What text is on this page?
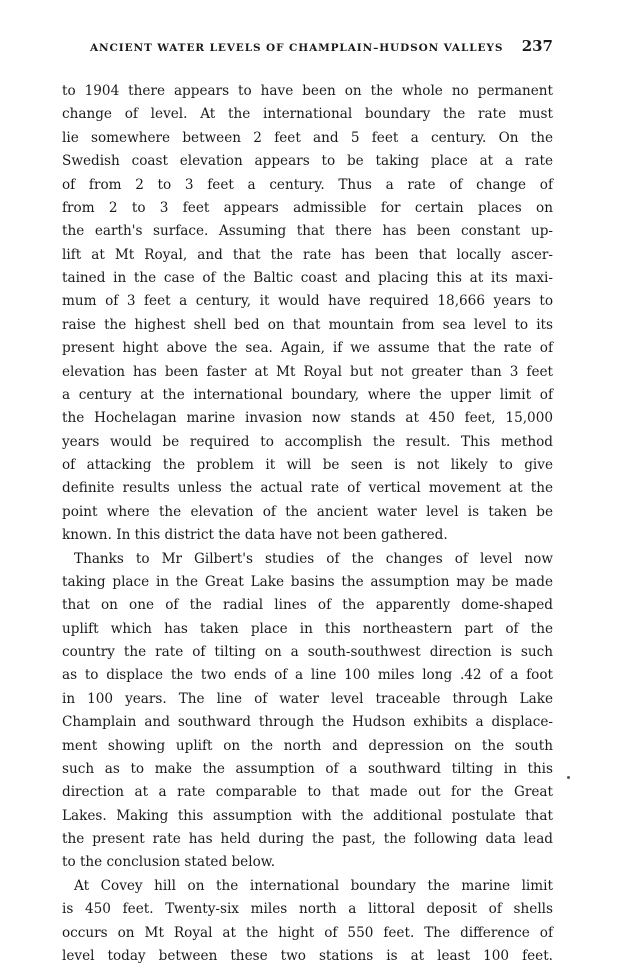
ANCIENT WATER LEVELS OF CHAMPLAIN–HUDSON VALLEYS 237
to 1904 there appears to have been on the whole no permanent
change of level. At the international boundary the rate must
lie somewhere between 2 feet and 5 feet a century. On the
Swedish coast elevation appears to be taking place at a rate
of from 2 to 3 feet a century. Thus a rate of change of
from 2 to 3 feet appears admissible for certain places on
the earth's surface. Assuming that there has been constant up-
lift at Mt Royal, and that the rate has been that locally ascer-
tained in the case of the Baltic coast and placing this at its maxi-
mum of 3 feet a century, it would have required 18,666 years to
raise the highest shell bed on that mountain from sea level to its
present hight above the sea. Again, if we assume that the rate of
elevation has been faster at Mt Royal but not greater than 3 feet
a century at the international boundary, where the upper limit of
the Hochelagan marine invasion now stands at 450 feet, 15,000
years would be required to accomplish the result. This method
of attacking the problem it will be seen is not likely to give
definite results unless the actual rate of vertical movement at the
point where the elevation of the ancient water level is taken be
known. In this district the data have not been gathered.
Thanks to Mr Gilbert's studies of the changes of level now
taking place in the Great Lake basins the assumption may be made
that on one of the radial lines of the apparently dome-shaped
uplift which has taken place in this northeastern part of the
country the rate of tilting on a south-southwest direction is such
as to displace the two ends of a line 100 miles long .42 of a foot
in 100 years. The line of water level traceable through Lake
Champlain and southward through the Hudson exhibits a displace-
ment showing uplift on the north and depression on the south
such as to make the assumption of a southward tilting in this
direction at a rate comparable to that made out for the Great
Lakes. Making this assumption with the additional postulate that
the present rate has held during the past, the following data lead
to the conclusion stated below.
At Covey hill on the international boundary the marine limit
is 450 feet. Twenty-six miles north a littoral deposit of shells
occurs on Mt Royal at the hight of 550 feet. The difference of
level today between these two stations is at least 100 feet.
